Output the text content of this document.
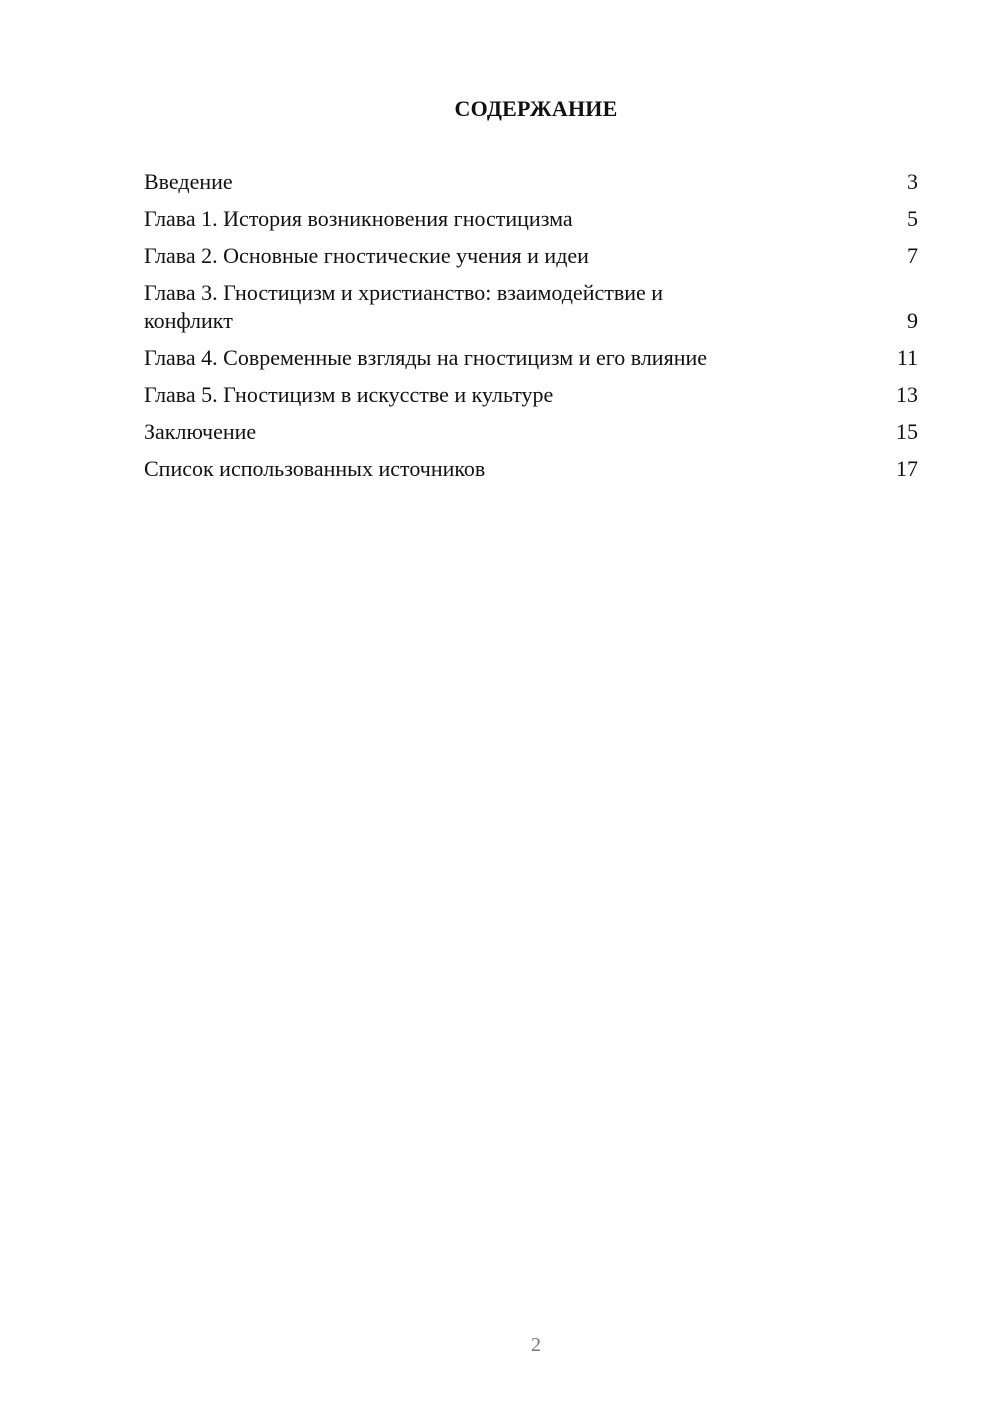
СОДЕРЖАНИЕ
Введение	3
Глава 1. История возникновения гностицизма	5
Глава 2. Основные гностические учения и идеи	7
Глава 3. Гностицизм и христианство: взаимодействие и конфликт	9
Глава 4. Современные взгляды на гностицизм и его влияние	11
Глава 5. Гностицизм в искусстве и культуре	13
Заключение	15
Список использованных источников	17
2
